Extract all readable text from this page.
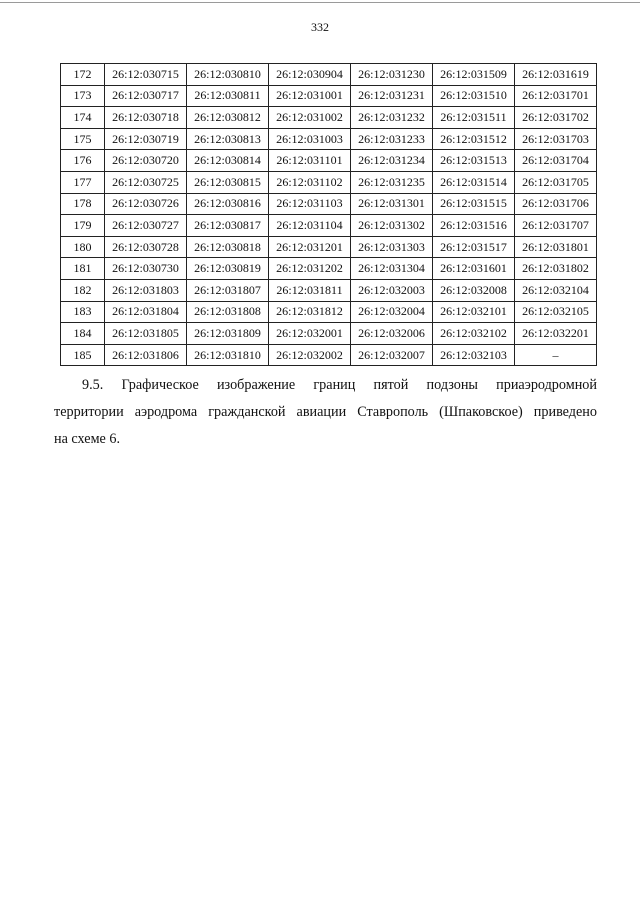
332
172	26:12:030715	26:12:030810	26:12:030904	26:12:031230	26:12:031509	26:12:031619
173	26:12:030717	26:12:030811	26:12:031001	26:12:031231	26:12:031510	26:12:031701
174	26:12:030718	26:12:030812	26:12:031002	26:12:031232	26:12:031511	26:12:031702
175	26:12:030719	26:12:030813	26:12:031003	26:12:031233	26:12:031512	26:12:031703
176	26:12:030720	26:12:030814	26:12:031101	26:12:031234	26:12:031513	26:12:031704
177	26:12:030725	26:12:030815	26:12:031102	26:12:031235	26:12:031514	26:12:031705
178	26:12:030726	26:12:030816	26:12:031103	26:12:031301	26:12:031515	26:12:031706
179	26:12:030727	26:12:030817	26:12:031104	26:12:031302	26:12:031516	26:12:031707
180	26:12:030728	26:12:030818	26:12:031201	26:12:031303	26:12:031517	26:12:031801
181	26:12:030730	26:12:030819	26:12:031202	26:12:031304	26:12:031601	26:12:031802
182	26:12:031803	26:12:031807	26:12:031811	26:12:032003	26:12:032008	26:12:032104
183	26:12:031804	26:12:031808	26:12:031812	26:12:032004	26:12:032101	26:12:032105
184	26:12:031805	26:12:031809	26:12:032001	26:12:032006	26:12:032102	26:12:032201
185	26:12:031806	26:12:031810	26:12:032002	26:12:032007	26:12:032103	–
9.5. Графическое изображение границ пятой подзоны приаэродромной
территории аэродрома гражданской авиации Ставрополь (Шпаковское) приведено
на схеме 6.
